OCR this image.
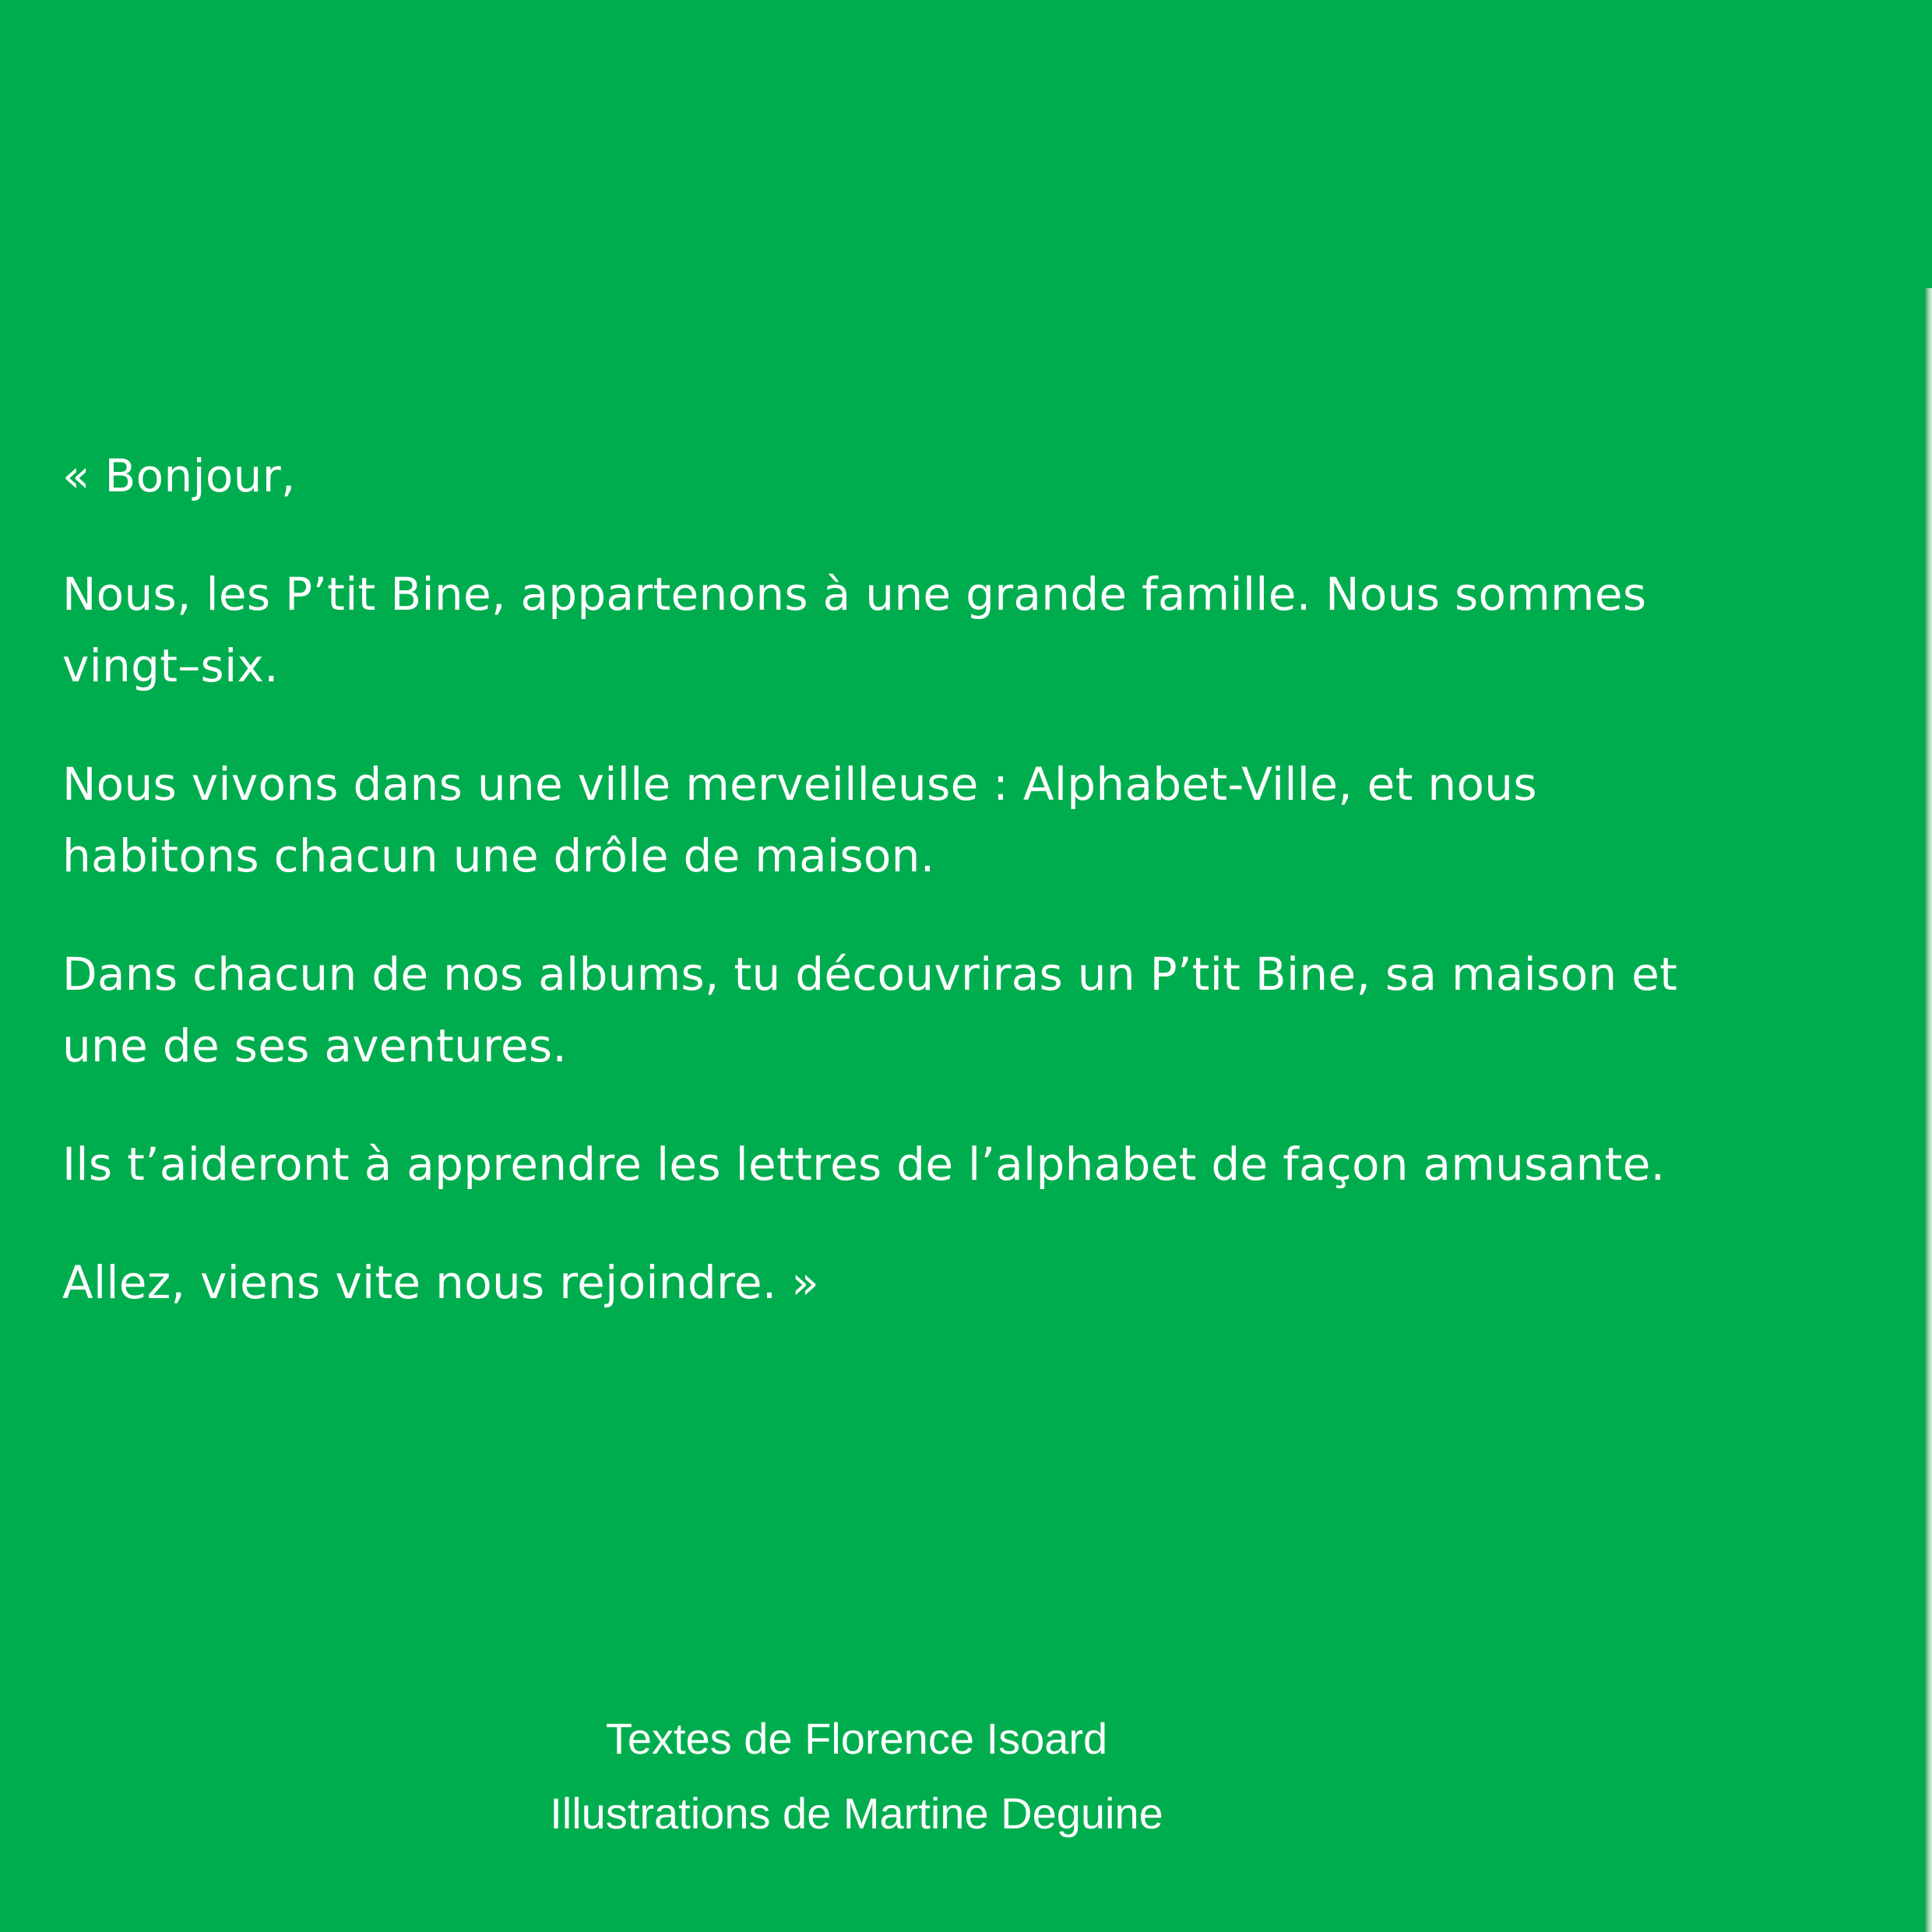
« Bonjour,

Nous, les P’tit Bine, appartenons à une grande famille. Nous sommes vingt–six.

Nous vivons dans une ville merveilleuse : Alphabet-Ville, et nous habitons chacun une drôle de maison.

Dans chacun de nos albums, tu découvriras un P’tit Bine, sa maison et une de ses aventures.

Ils t’aideront à apprendre les lettres de l’alphabet de façon amusante.

Allez, viens vite nous rejoindre. »

Textes de Florence Isoard
Illustrations de Martine Deguine
